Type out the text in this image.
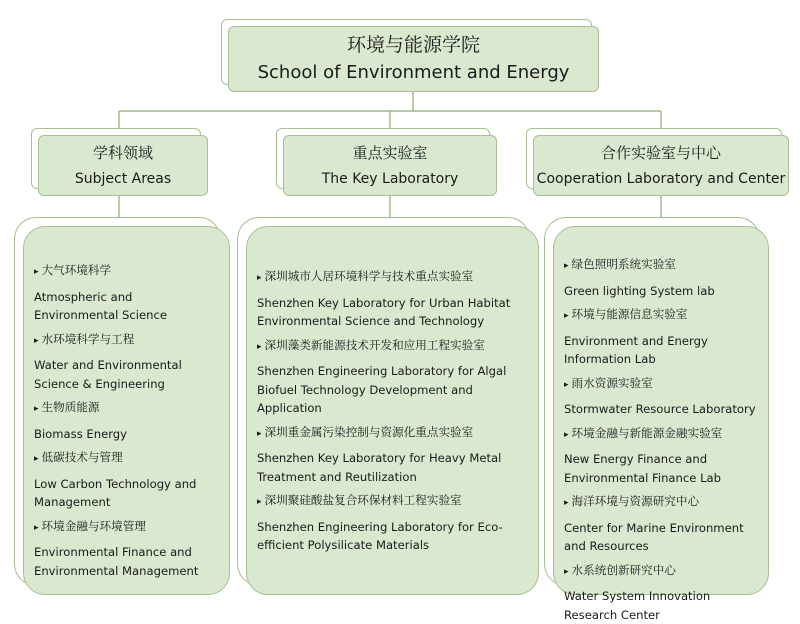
环境与能源学院
School of Environment and Energy
学科领域
Subject Areas
重点实验室
The Key Laboratory
合作实验室与中心
Cooperation Laboratory and Center
▸ 大气环境科学
Atmospheric and Environmental Science
▸ 水环境科学与工程
Water and Environmental Science & Engineering
▸ 生物质能源
Biomass Energy
▸ 低碳技术与管理
Low Carbon Technology and Management
▸ 环境金融与环境管理
Environmental Finance and Environmental Management
▸ 深圳城市人居环境科学与技术重点实验室
Shenzhen Key Laboratory for Urban Habitat Environmental Science and Technology
▸ 深圳藻类新能源技术开发和应用工程实验室
Shenzhen Engineering Laboratory for Algal Biofuel Technology Development and Application
▸ 深圳重金属污染控制与资源化重点实验室
Shenzhen Key Laboratory for Heavy Metal Treatment and Reutilization
▸ 深圳聚硅酸盐复合环保材料工程实验室
Shenzhen Engineering Laboratory for Eco-efficient Polysilicate Materials
▸ 绿色照明系统实验室
Green lighting System lab
▸ 环境与能源信息实验室
Environment and Energy Information Lab
▸ 雨水资源实验室
Stormwater Resource Laboratory
▸ 环境金融与新能源金融实验室
New Energy Finance and Environmental Finance Lab
▸ 海洋环境与资源研究中心
Center for Marine Environment and Resources
▸ 水系统创新研究中心
Water System Innovation Research Center
